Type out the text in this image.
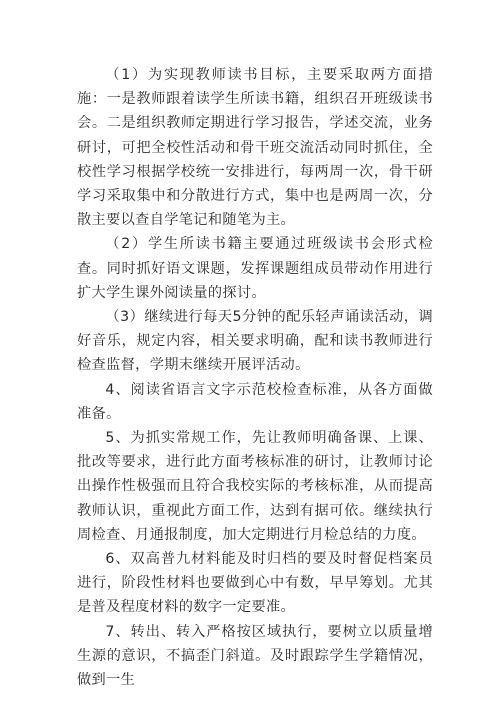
（1）为实现教师读书目标，主要采取两方面措施：一是教师跟着读学生所读书籍，组织召开班级读书会。二是组织教师定期进行学习报告，学述交流，业务研讨，可把全校性活动和骨干班交流活动同时抓住，全校性学习根据学校统一安排进行，每两周一次，骨干研学习采取集中和分散进行方式，集中也是两周一次，分散主要以查自学笔记和随笔为主。

（2）学生所读书籍主要通过班级读书会形式检查。同时抓好语文课题，发挥课题组成员带动作用进行扩大学生课外阅读量的探讨。

（3）继续进行每天5分钟的配乐轻声诵读活动，调好音乐，规定内容，相关要求明确，配和读书教师进行检查监督，学期末继续开展评活动。

4、阅读省语言文字示范校检查标准，从各方面做准备。

5、为抓实常规工作，先让教师明确备课、上课、批改等要求，进行此方面考核标准的研讨，让教师讨论出操作性极强而且符合我校实际的考核标准，从而提高教师认识，重视此方面工作，达到有据可依。继续执行周检查、月通报制度，加大定期进行月检总结的力度。

6、双高普九材料能及时归档的要及时督促档案员进行，阶段性材料也要做到心中有数，早早筹划。尤其是普及程度材料的数字一定要准。

7、转出、转入严格按区域执行，要树立以质量增生源的意识，不搞歪门斜道。及时跟踪学生学籍情况，做到一生
